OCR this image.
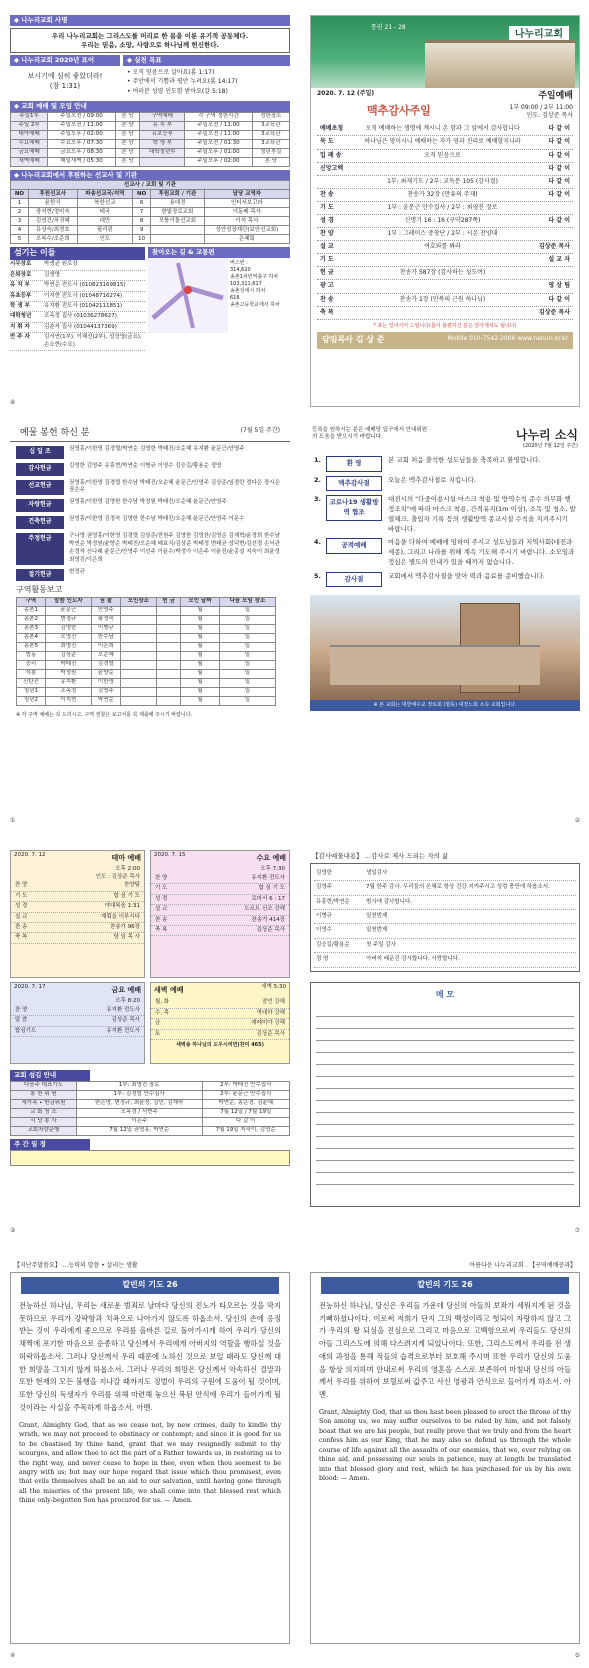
◆ 나누리교회 사명
우리 나누리교회는 그리스도를 머리로 한 몸을 이룬 유기적 공동체다.
우리는 믿음, 소망, 사랑으로 하나님께 헌신한다.
◆ 나누리교회 2020년 표어
보시기에 심히 좋았더라!
(창 1:31)
◆ 실천 목표
• 오직 믿음으로 살아요(롬 1:17)
• 주안에서 기쁨과 평안 누려요(롬 14:17)
• 여러분 성령 인도함 받아요(갈 5:18)
◆ 교회 예배 및 모임 안내
주일1부	주일오전 / 09:00	본 당	구역예배	각 구역 정한시간	정한장소
주일 2부	주일오전 / 11:00	본 당	유 치 부	주일오전 / 11:00	3교육관
태아예배	주일오후 / 02:00	본 당	유초등부	주일오전 / 11:00	3교육관
수요예배	수요오후 / 07:30	본 당	학 생 부	주일오전 / 01:30	3교육관
금요예배	금요오후 / 08:30	본 당	대학청년부	주일오후 / 01:00	청년부실
새벽예배	매일새벽 / 05:30	본 당		주일오후 / 02:00	본 당
◆ 나누리교회에서 후원하는 선교사 및 기관
선교사 / 교회 및 기관					
NO	후원선교사	파송선교국/지역	NO	후원교회 / 기관	담당 교역자
1	윤한식	북한선교	6	용대경	인터서보고라
2	장석현/정미숙	태국	7	한빛장로교회	이동배 목사
3	김성건/차귀혜	대만	8	모퉁이돌선교회	이석 목사
4	유상숙/최경호	필리핀	9		성안성장재단(보안선교회)
5	오복수/조준희	인도	10		은혜회
섬기는 이들
시무장로	박생균 원로장
은퇴장로	김생명
유 치 부	박연순 전도사 (010823169815)
유초등부	이지현 전도사 (01048716274)
학 생 부	유지환 전도사 (01042111851)
대학청년	조옥정 집사 (01036278627)
지 휘 자	김춘자 집사 (01044137369)
반 주 자	김서연(1부), 이혜선(2부), 성상영(금요), 손소현(수요)
찾아오는 길 & 교통편
버스번 :
314,620
송촌1차빈역출구 하차
103,311,617
송촌성애시 하차
616
송촌고등학교에서 하차
⑧
통권 21 - 28
나누리교회
2020. 7. 12 (주일)	주일예배
맥추감사주일	1부 09:00 / 2부 11:00
인도: 김상준 목사
예배초청	오직 예배하는 생명에 계시니 온 맘과 그 앞에서 감사합니다	다 같 이
묵 도	하나님은 영이시니 예배하는 자가 영과 진리로 예배할지니라	다 같 이
입 례 송	오직 믿음으로	다 같 이
신앙고백	다 같 이
1부: 최재기도 / 2부: 교독문 105 (감사절)	다 같 이
찬 송	찬송가 32장 (만유의 주재)	다 같 이
기 도	1부 : 윤문근 안수집사 / 2부 : 최영진 장로
성 경	신명기 16 : 16 (구약287쪽)	다 같 이
찬 양	1부 : 그레이스 중창단 / 2부 : 시온 찬양대
설 교	여호와를 봐라	김상준 목사
기 도	설 교 자
헌 금	찬송가 587장 (감사하는 성도여)
광 고	영 상 팀
찬 송	찬송가 1장 (만복의 근원 하나님)	다 같 이
축 복	김상준 목사
* 표는 일어서서 드립니다(몸이 불편하신 분은 앉아계셔도 됩니다)
담임목사 김 상 준	Mobile 010-7542-2006 www.nanuri.or.kr
예물 봉헌 하신 분	(7월 5일 주간)
십 일 조	권영흥/이한영 김경렬/박연순 김영한 박태진/오순혜 유지환 윤문근/안영주
감사헌금	김영한 김영주 유흥현/박연순 이병규 이영수 김승길/황용순 정영
선교헌금	권영흥/이한영 김경렬 한수남 박태진/오순혜 윤문근/안영주 김상준/임경란 정다은 장시은 장은유
자랑헌금	권영흥/이한영 김영한 한수남 박정원 박태진/오순혜 윤문근/안영주
건축헌금	권영흥/이한영 김정숙 김영한 한수남 박태진/오순혜 윤문근/안영주 이문수
주정헌금	구나영 권영흥/이한영 김경렬 김상준/전원주 김영한 김영찬/김영순 김재혁/윤경희 한수남 박연순 박정원/윤향순 박태진/오순혜 배효식/김상준 박태정 변태균 성덕현/김선경 손낙관 손정자 신나래 윤문근/안영주 이선주 이윤수/박정아 이은주 이윤진/윤종설 지숙이 최윤성 최영진/이은희
절기헌금	변정규
구역활동보고
구역	말씀 인도자	권 찰	모인장소	헌 금	모인 날짜	다음 모임 장소
송촌1	윤문근	안영주			월	일
송촌2	변정규	황정숙			월	일
송촌3	김영한	이병규			월	일
송촌4	오영진	한수남			월	일
송촌5	최영진	이은희			월	일
법동	김상준	오순혜			월	일
중리	박태진	김경렬			월	일
석봉	박정원	윤향순			월	일
신탄진	유지환	이한영			월	일
청년1	조옥정	김영주			월	일
청년2	이지현	박연순			월	일
※ 각 구역 예배는 꼭 드리시고, 구역 권찰은 보고서를 꼭 제출해 주시기 바랍니다.
①
등록을 원하시는 분은 예배당 입구에서 안내위원의 도움을 받으시기 바랍니다.	나누리 소식
(2020년 7월 12일 주간)
1.	환 영	본 교회 처음 출석한 성도님들을 축복하고 환영합니다.
2.	맥추감사절	오늘은 맥추감사절로 지킵니다.
3.	코로나19 생활방역 협조
대전시의 "다중이용시설 마스크 착용 및 방역수칙 준수 의무화 행정조치"에 따라 마스크 착용, 간격유지(1m 이상), 소독 및 청소, 발열체크, 출입자 기록 등의 생활방역 종교시설 수칙을 지켜주시기 바랍니다.
4.	공적예배	마음을 다하여 예배에 임하여 주시고 성도님들과 지역사회(대전과 세종), 그리고 나라를 위해 계속 기도해 주시기 바랍니다. 소모임과 정심은 별도의 안내가 있을 때까지 없습니다.
5.	감사절	교회에서 맥추감사절을 맞아 떡과 음료를 준비했습니다.
※ 본 교회는 대한예수교 장로회 (합동) 대전노회 소속 교회입니다.
②
2020. 7. 12	테마 예배
오후 2:00
인도 : 김상준 목사
찬 양	찬양팀
기 도	합 심 기 도
성 경	야대복음 1:31
설 교	계획을 이루시다
찬 송	찬송가 96장
축 복	담 임 목 사
2020. 7. 15	수요 예배
오후 7:30
찬 양	유지환 전도사
기 도	합 심 기 도
성 경	로마서 6 : 17
설 교	도르트 신조 강해
찬 송	찬송가 414장
축 복	김상준 목사
2020. 7. 17	금요 예배
오후 8:20
찬 양	유지환 전도사
말 씀	김상준 목사
합심기도	유지환 전도사
새벽 예배	새벽 5:30
월, 화	잠언 강해
수, 목	역대하 강해
금	예레미야 강해
토	김상준 목사
새벽송 하나님의 도우시려면(찬미 465)
교회 섬김 안내
다음주 대표기도	1부: 최영진 장로	2부: 박태진 안수집사
봉 헌 위 원	1부: 김경렬 안수집사	2부: 윤문근 안수집사
새가족 • 헌금위원	한은영, 변정규, 최윤성, 김민, 김재숙	박연순, 송은경, 김윤혜
교 회 청 소	조옥경 / 서현주	7월 12일 / 7월 19일
식 당 봉 사	이은주	다 같 이
교회차량운행	7월 12일 권영흥, 박연순	7월 19일 지숙이, 김영순
주 간 일 정
②
【감사예물내용】 ...감사로 제사 드리는 자의 삶
김영한	생일감사
김영주	7월 한주 감사. 우리들의 온혜로 항상 건강 지켜주시고 성령 충만에 하옵소서.
유흥현/박연순	범사에 감사합니다.
이병규	일천번제
이영수	일천번제
김승길/황용순	첫 주일 감사
정 영	아버지 배운건 감사합니다. 사랑합니다.
메 모
⑦
【지난주말씀요】 ...능력의 말씀 • 살리는 생활
칼빈의 기도 26
전능하신 하나님, 우리는 새로운 범죄로 날마다 당신의 진노가 타오르는 것을 막지 못하므로 우리가 강퍅함과 치욕으로 나아가지 않도록 하옵소서. 당신의 손에 응징받는 것이 우리에게 좋으므로 우리를 올바른 길로 돌아가시게 하여 우리가 당신의 채찍에 포기한 마음으로 순종하고 당신께서 우리에게 아버지의 역할을 행하실 것을 허락하옵소서. 그러나 당신께서 우리 때문에 노하신 것으로 보일 때라도 당신께 대한 희망을 그치지 않게 하옵소서. 그러나 우리의 희망은 당신께서 악속하신 결말과 또한 현재의 모든 불행을 지나갈 때까지도 징벌이 우리의 구원에 도움이 될 것이며, 또한 당신의 독생자가 우리를 위해 마련해 놓으신 복된 안식에 우리가 들어가게 될 것이라는 사실을 주목하게 하옵소서. 아멘.
Grant, Almighty God, that as we cease not, by new crimes, daily to kindle thy wrath, we may not proceed to obstinacy or contempt; and since it is good for us to be chastised by thine hand, grant that we may resignedly submit to thy scourges, and allow thee to act the part of a Father towards us, in restoring us to the right way, and never cease to hope in thee, even when thou seemest to be angry with us; but may our hope regard that issue which thou promisest, even that evils themselves shall be an aid to our salvation, until having gone through all the miseries of the present life, we shall come into that blessed rest which thine only-begotten Son has procured for us. — Amen.
④
아름다운 나누리교회 . 【구역예배공과】
칼빈의 기도 26
전능하신 하나님, 당신은 우리들 가운데 당신의 아들의 보좌가 세워지게 된 것을 기뻐하셨나이다. 이로써 저희가 단지 그의 백성이라고 헛되이 자랑하지 않고 그가 우리의 왕 되심을 진심으로 그리고 마음으로 고백함으로써 우리들도 당신의 아들 그리스도에 의해 다스려지게 되었나이다. 또한, 그리스도께서 우리를 전 생애의 과정을 통해 적들의 습격으로부터 보호해 주시며 또한 우리가 당신의 도움을 항상 의지하며 안내로써 우리의 영혼을 스스로 보존하여 마침내 당신의 아들께서 우리를 위하여 보혈로써 값주고 사신 영광과 안식으로 들어가게 하소서. 아멘.
Grant, Almighty God, that as thou hast been pleased to erect the throne of thy Son among us, we may suffer ourselves to be ruled by him, and not falsely boast that we are his people, but really prove that we truly and from the heart confess him as our King, that he may also so defend us through the whole course of life against all the assaults of our enemies, that we, ever relying on thine aid, and possessing our souls in patience, may at length be translated into that blessed glory and rest, which he has purchased for us by his own blood: — Amen.
⑤
